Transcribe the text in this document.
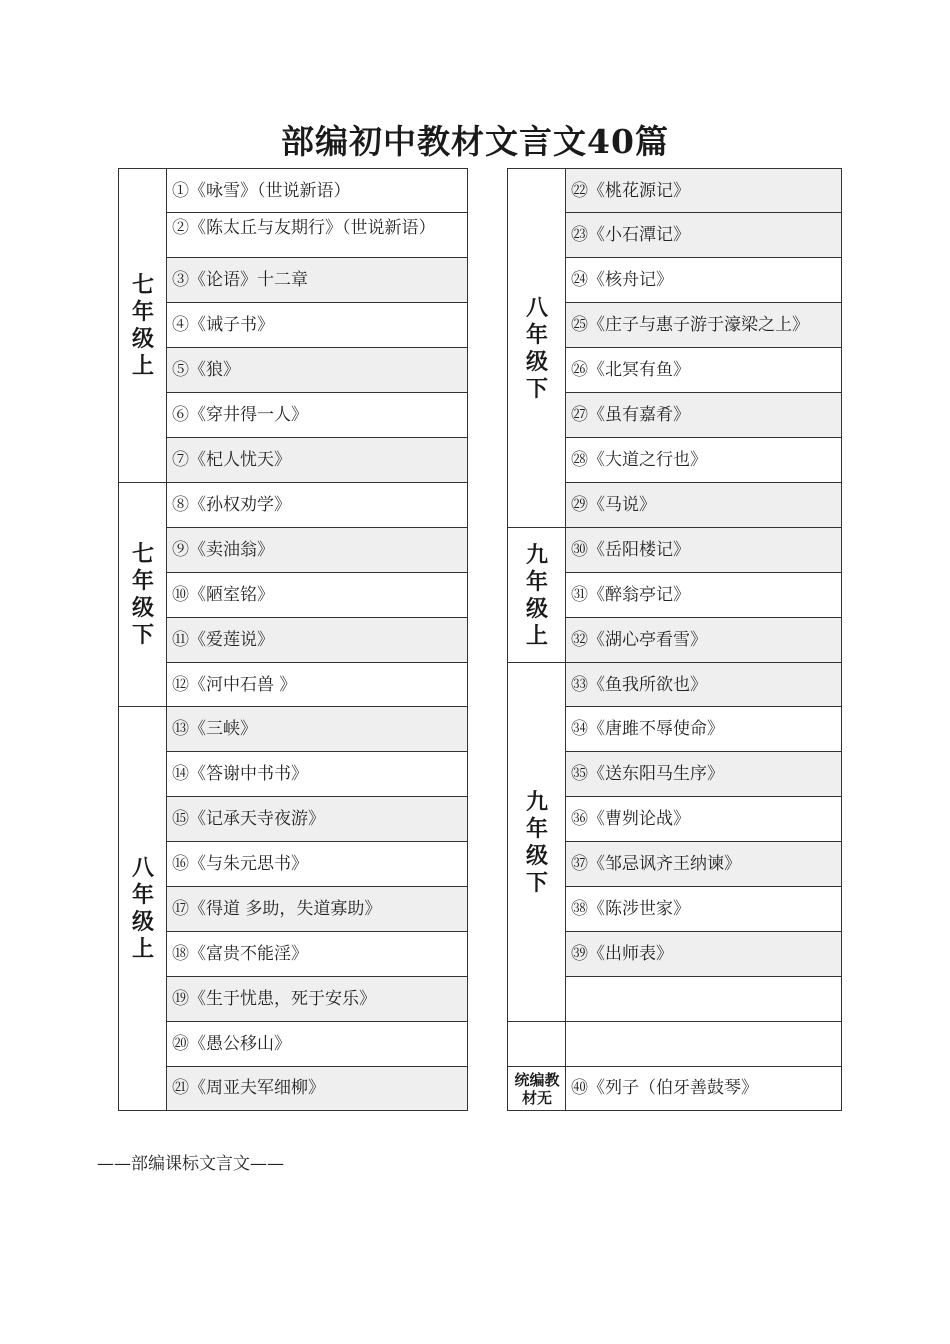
部编初中教材文言文40篇
七年级上
七年级下
八年级上
①《咏雪》（世说新语）
②《陈太丘与友期行》（世说新语）
③《论语》十二章
④《诫子书》
⑤《狼》
⑥《穿井得一人》
⑦《杞人忧天》
⑧《孙权劝学》
⑨《卖油翁》
⑩《陋室铭》
⑪《爱莲说》
⑫《河中石兽 》
⑬《三峡》
⑭《答谢中书书》
⑮《记承天寺夜游》
⑯《与朱元思书》
⑰《得道 多助，失道寡助》
⑱《富贵不能淫》
⑲《生于忧患，死于安乐》
⑳《愚公移山》
㉑《周亚夫军细柳》
八年级下
九年级上
九年级下
统编教材无
㉒《桃花源记》
㉓《小石潭记》
㉔《核舟记》
㉕《庄子与惠子游于濠梁之上》
㉖《北冥有鱼》
㉗《虽有嘉肴》
㉘《大道之行也》
㉙《马说》
㉚《岳阳楼记》
㉛《醉翁亭记》
㉜《湖心亭看雪》
㉝《鱼我所欲也》
㉞《唐雎不辱使命》
㉟《送东阳马生序》
㊱《曹刿论战》
㊲《邹忌讽齐王纳谏》
㊳《陈涉世家》
㊴《出师表》
㊵《列子（伯牙善鼓琴》
——部编课标文言文——
